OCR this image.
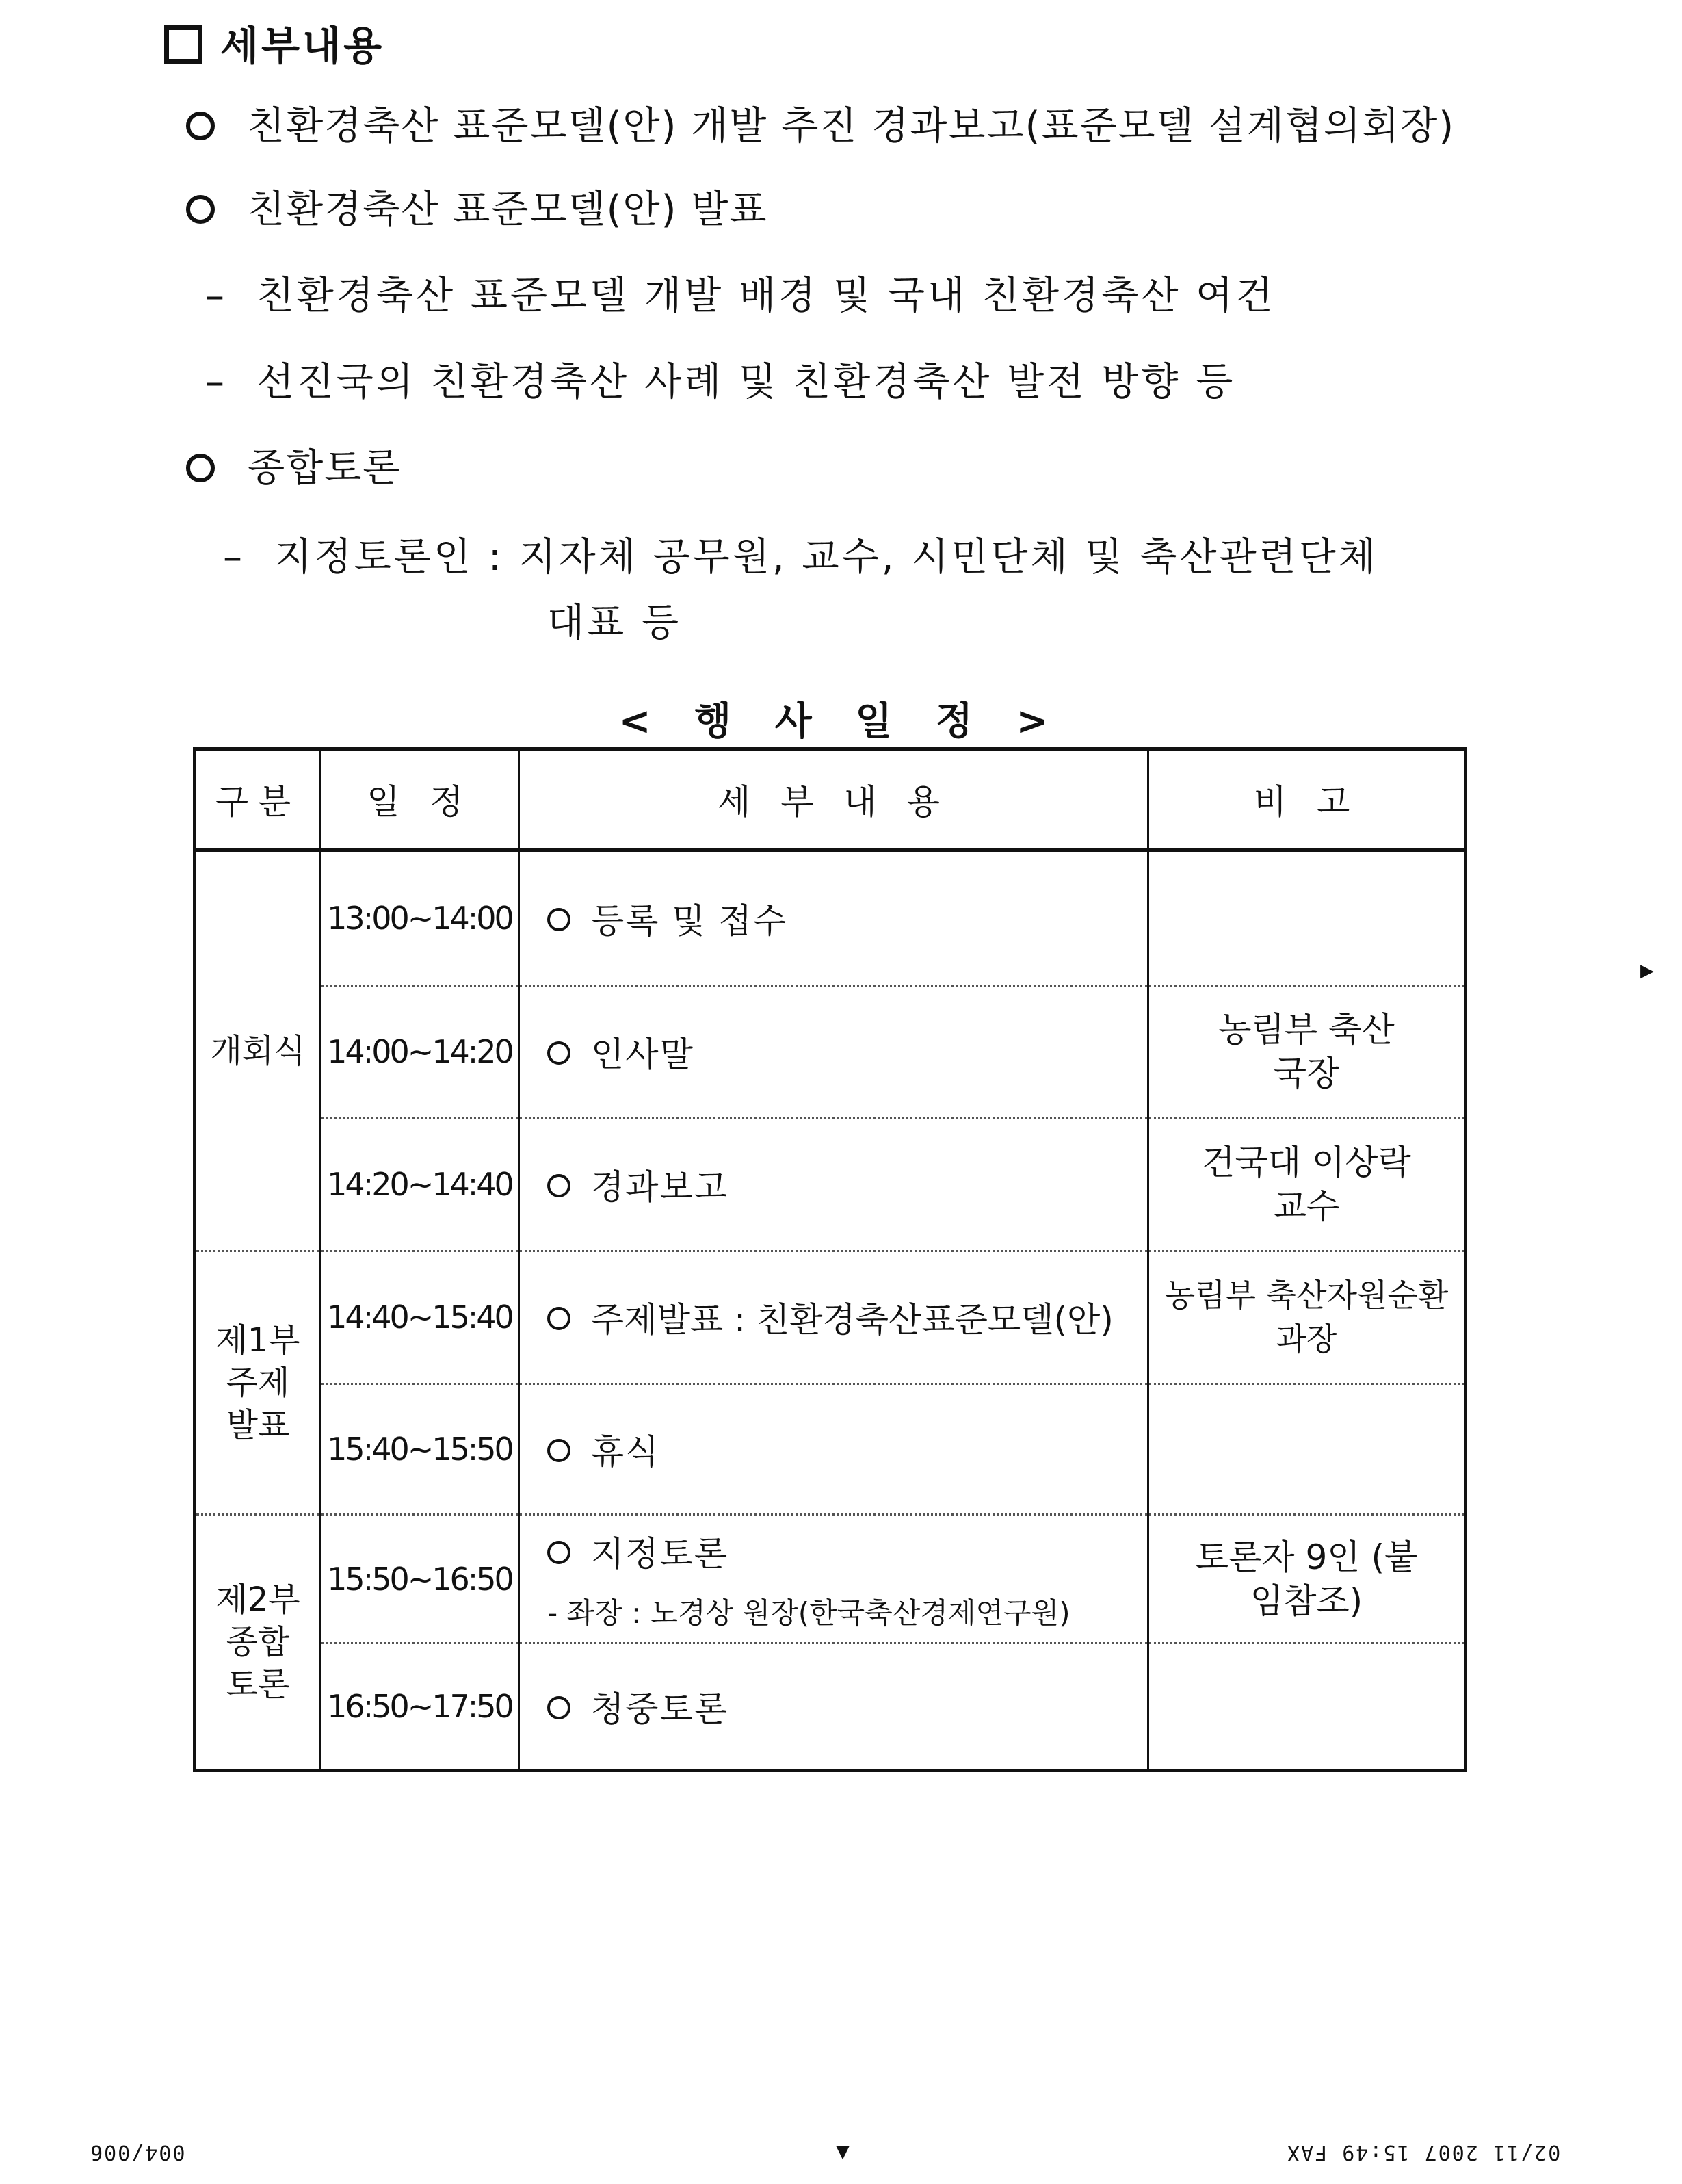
세부내용
친환경축산 표준모델(안) 개발 추진 경과보고(표준모델 설계협의회장)
친환경축산 표준모델(안) 발표
–  친환경축산 표준모델 개발 배경 및 국내 친환경축산 여건
–  선진국의 친환경축산 사례 및 친환경축산 발전 방향 등
종합토론
–  지정토론인 : 지자체 공무원, 교수, 시민단체 및 축산관련단체
대표 등
< 행 사 일 정 >
구분	일 정	세 부 내 용	비 고
개회식	13:00~14:00	등록 및 접수	
	14:00~14:20	인사말	농림부 축산국장
	14:20~14:40	경과보고	건국대 이상락 교수
제1부 주제 발표	14:40~15:40	주제발표 : 친환경축산표준모델(안)	농림부 축산자원순환과장
	15:40~15:50	휴식	
제2부 종합 토론	15:50~16:50	지정토론
- 좌장 : 노경상 원장(한국축산경제연구원)	토론자 9인 (붙임참조)
	16:50~17:50	청중토론	
▶
004/006	▼	02/11 2007 15:49 FAX
